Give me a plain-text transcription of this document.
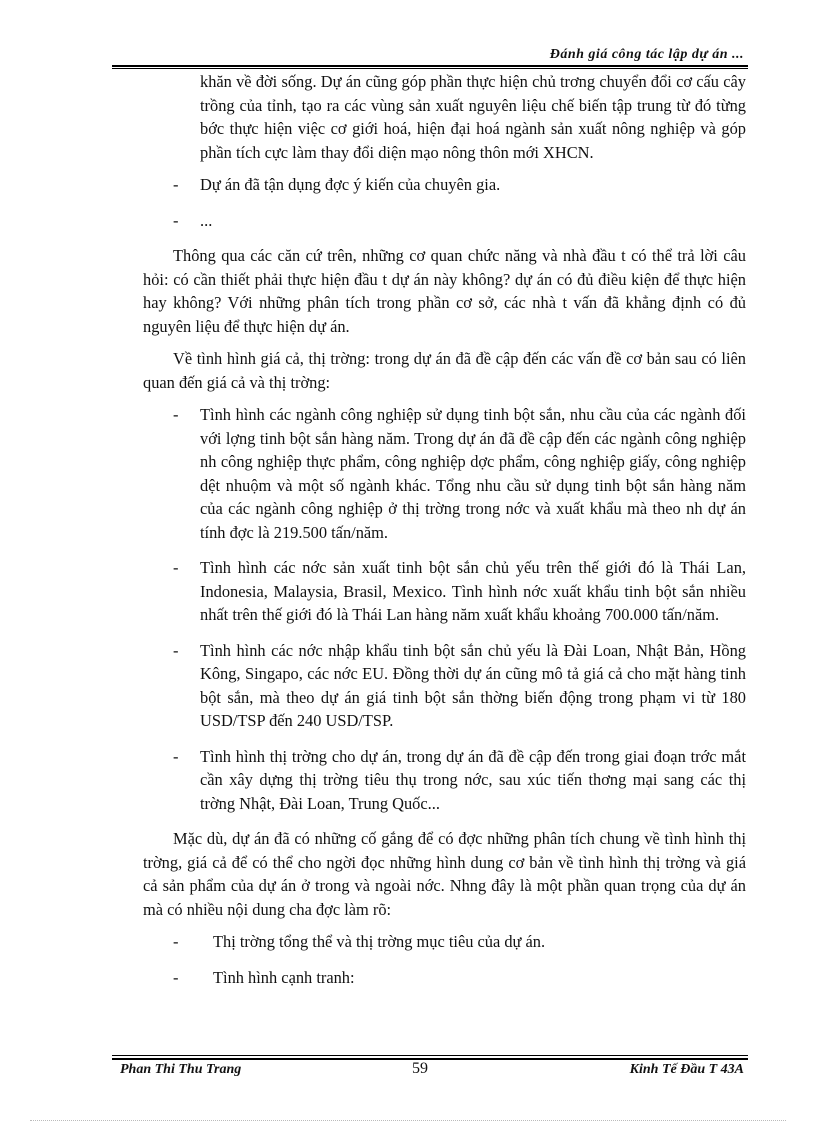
Đánh giá công tác lập dự án ...

khăn về đời sống. Dự án cũng góp phần thực hiện chủ trơng chuyển đổi cơ cấu cây trồng của tỉnh, tạo ra các vùng sản xuất nguyên liệu chế biến tập trung từ đó từng bớc thực hiện việc cơ giới hoá, hiện đại hoá ngành sản xuất nông nghiệp và góp phần tích cực làm thay đổi diện mạo nông thôn mới XHCN.

- Dự án đã tận dụng đợc ý kiến của chuyên gia.
- ...

Thông qua các căn cứ trên, những cơ quan chức năng và nhà đầu t có thể trả lời câu hỏi: có cần thiết phải thực hiện đầu t dự án này không? dự án có đủ điều kiện để thực hiện hay không? Với những phân tích trong phần cơ sở, các nhà t vấn đã khẳng định có đủ nguyên liệu để thực hiện dự án.

Về tình hình giá cả, thị trờng: trong dự án đã đề cập đến các vấn đề cơ bản sau có liên quan đến giá cả và thị trờng:

- Tình hình các ngành công nghiệp sử dụng tinh bột sắn, nhu cầu của các ngành đối với lợng tinh bột sắn hàng năm. Trong dự án đã đề cập đến các ngành công nghiệp nh công nghiệp thực phẩm, công nghiệp dợc phẩm, công nghiệp giấy, công nghiệp dệt nhuộm và một số ngành khác. Tổng nhu cầu sử dụng tinh bột sắn hàng năm của các ngành công nghiệp ở thị trờng trong nớc và xuất khẩu mà theo nh dự án tính đợc là 219.500 tấn/năm.
- Tình hình các nớc sản xuất tinh bột sắn chủ yếu trên thế giới đó là Thái Lan, Indonesia, Malaysia, Brasil, Mexico. Tình hình nớc xuất khẩu tinh bột sắn nhiều nhất trên thế giới đó là Thái Lan hàng năm xuất khẩu khoảng 700.000 tấn/năm.
- Tình hình các nớc nhập khẩu tinh bột sắn chủ yếu là Đài Loan, Nhật Bản, Hồng Kông, Singapo, các nớc EU. Đồng thời dự án cũng mô tả giá cả cho mặt hàng tinh bột sắn, mà theo dự án giá tinh bột sắn thờng biến động trong phạm vi từ 180 USD/TSP đến 240 USD/TSP.
- Tình hình thị trờng cho dự án, trong dự án đã đề cập đến trong giai đoạn trớc mắt cần xây dựng thị trờng tiêu thụ trong nớc, sau xúc tiến thơng mại sang các thị trờng Nhật, Đài Loan, Trung Quốc...

Mặc dù, dự án đã có những cố gắng để có đợc những phân tích chung về tình hình thị trờng, giá cả để có thể cho ngời đọc những hình dung cơ bản về tình hình thị trờng và giá cả sản phẩm của dự án ở trong và ngoài nớc. Nhng đây là một phần quan trọng của dự án mà có nhiều nội dung cha đợc làm rõ:

- Thị trờng tổng thể và thị trờng mục tiêu của dự án.
- Tình hình cạnh tranh:
Phan Thi Thu Trang	59	Kinh Tế Đầu T 43A
